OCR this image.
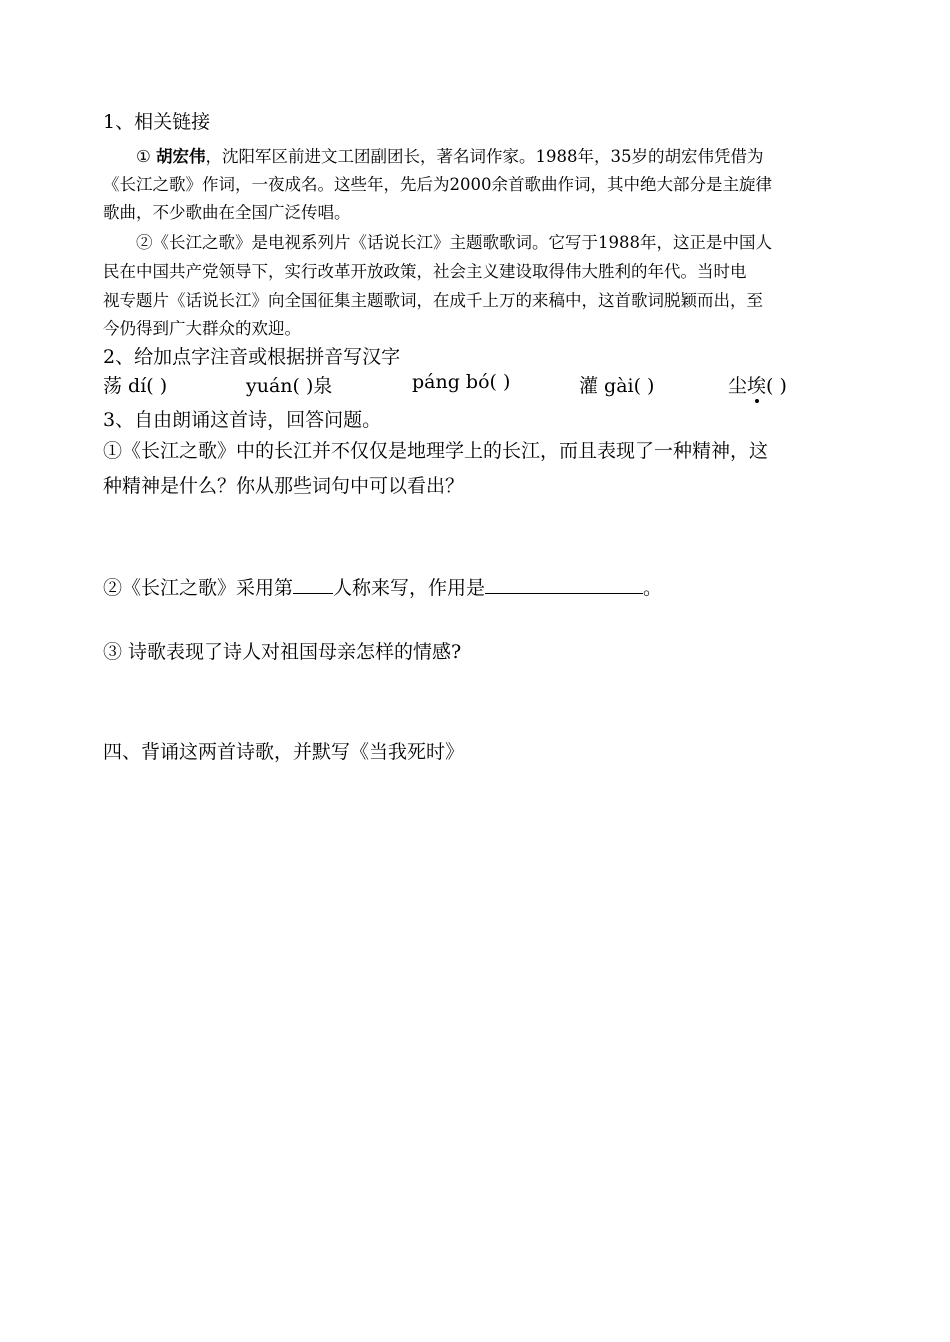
1、相关链接
① 胡宏伟，沈阳军区前进文工团副团长，著名词作家。1988年，35岁的胡宏伟凭借为
《长江之歌》作词，一夜成名。这些年，先后为2000余首歌曲作词，其中绝大部分是主旋律
歌曲，不少歌曲在全国广泛传唱。
②《长江之歌》是电视系列片《话说长江》主题歌歌词。它写于1988年，这正是中国人
民在中国共产党领导下，实行改革开放政策，社会主义建设取得伟大胜利的年代。当时电
视专题片《话说长江》向全国征集主题歌词，在成千上万的来稿中，这首歌词脱颖而出，至
今仍得到广大群众的欢迎。
2、给加点字注音或根据拼音写汉字
荡 dí( )	yuán( )泉	páng bó( )	灌 gài( )	尘埃( )
3、自由朗诵这首诗，回答问题。
①《长江之歌》中的长江并不仅仅是地理学上的长江，而且表现了一种精神，这
种精神是什么？你从那些词句中可以看出？
②《长江之歌》采用第 人称来写，作用是	。
③ 诗歌表现了诗人对祖国母亲怎样的情感?
四、背诵这两首诗歌，并默写《当我死时》
